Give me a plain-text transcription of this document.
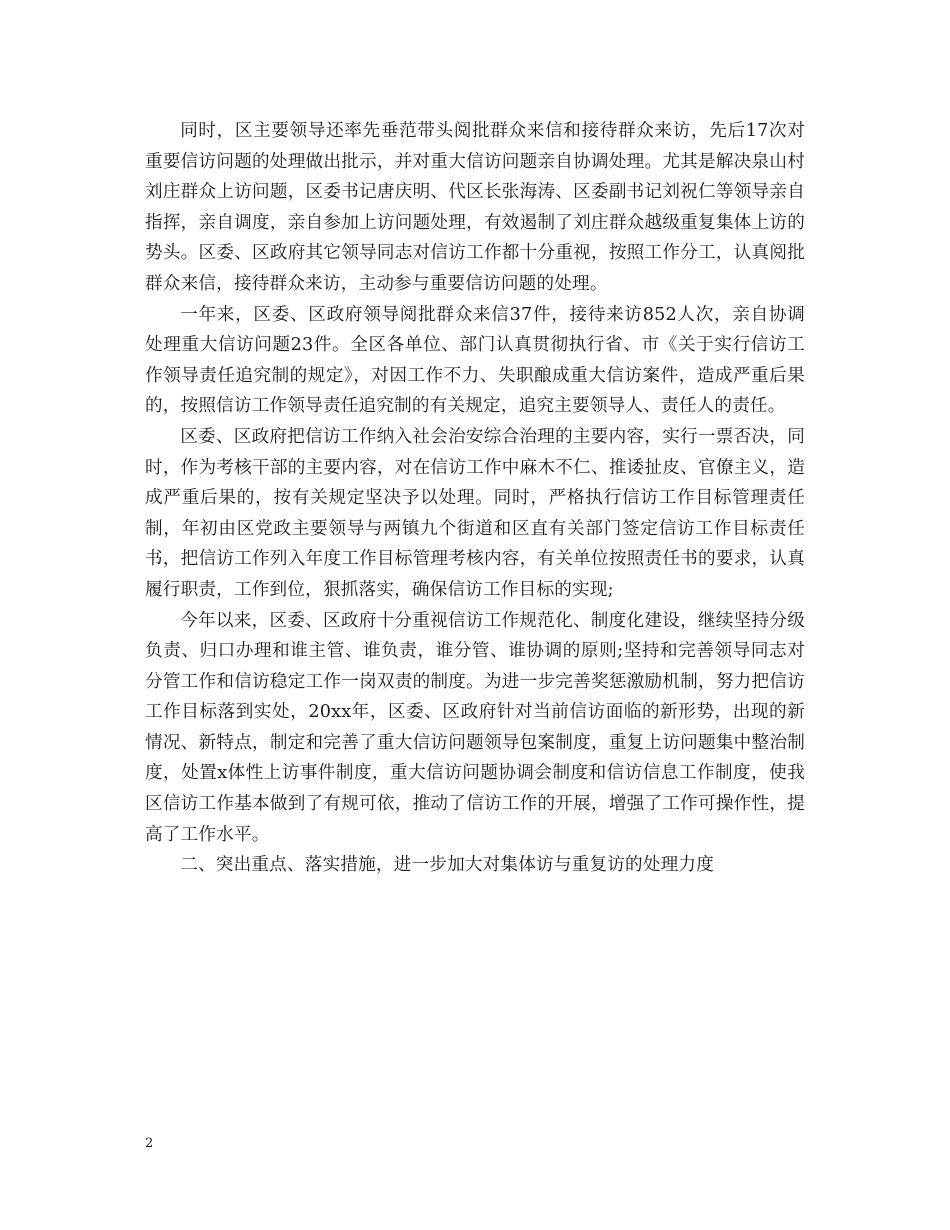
同时，区主要领导还率先垂范带头阅批群众来信和接待群众来访，先后17次对重要信访问题的处理做出批示，并对重大信访问题亲自协调处理。尤其是解决泉山村刘庄群众上访问题，区委书记唐庆明、代区长张海涛、区委副书记刘祝仁等领导亲自指挥，亲自调度，亲自参加上访问题处理，有效遏制了刘庄群众越级重复集体上访的势头。区委、区政府其它领导同志对信访工作都十分重视，按照工作分工，认真阅批群众来信，接待群众来访，主动参与重要信访问题的处理。

一年来，区委、区政府领导阅批群众来信37件，接待来访852人次，亲自协调处理重大信访问题23件。全区各单位、部门认真贯彻执行省、市《关于实行信访工作领导责任追究制的规定》，对因工作不力、失职酿成重大信访案件，造成严重后果的，按照信访工作领导责任追究制的有关规定，追究主要领导人、责任人的责任。

区委、区政府把信访工作纳入社会治安综合治理的主要内容，实行一票否决，同时，作为考核干部的主要内容，对在信访工作中麻木不仁、推诿扯皮、官僚主义，造成严重后果的，按有关规定坚决予以处理。同时，严格执行信访工作目标管理责任制，年初由区党政主要领导与两镇九个街道和区直有关部门签定信访工作目标责任书，把信访工作列入年度工作目标管理考核内容，有关单位按照责任书的要求，认真履行职责，工作到位，狠抓落实，确保信访工作目标的实现;

今年以来，区委、区政府十分重视信访工作规范化、制度化建设，继续坚持分级负责、归口办理和谁主管、谁负责，谁分管、谁协调的原则;坚持和完善领导同志对分管工作和信访稳定工作一岗双责的制度。为进一步完善奖惩激励机制，努力把信访工作目标落到实处，20xx年，区委、区政府针对当前信访面临的新形势，出现的新情况、新特点，制定和完善了重大信访问题领导包案制度，重复上访问题集中整治制度，处置x体性上访事件制度，重大信访问题协调会制度和信访信息工作制度，使我区信访工作基本做到了有规可依，推动了信访工作的开展，增强了工作可操作性，提高了工作水平。

二、突出重点、落实措施，进一步加大对集体访与重复访的处理力度

2
